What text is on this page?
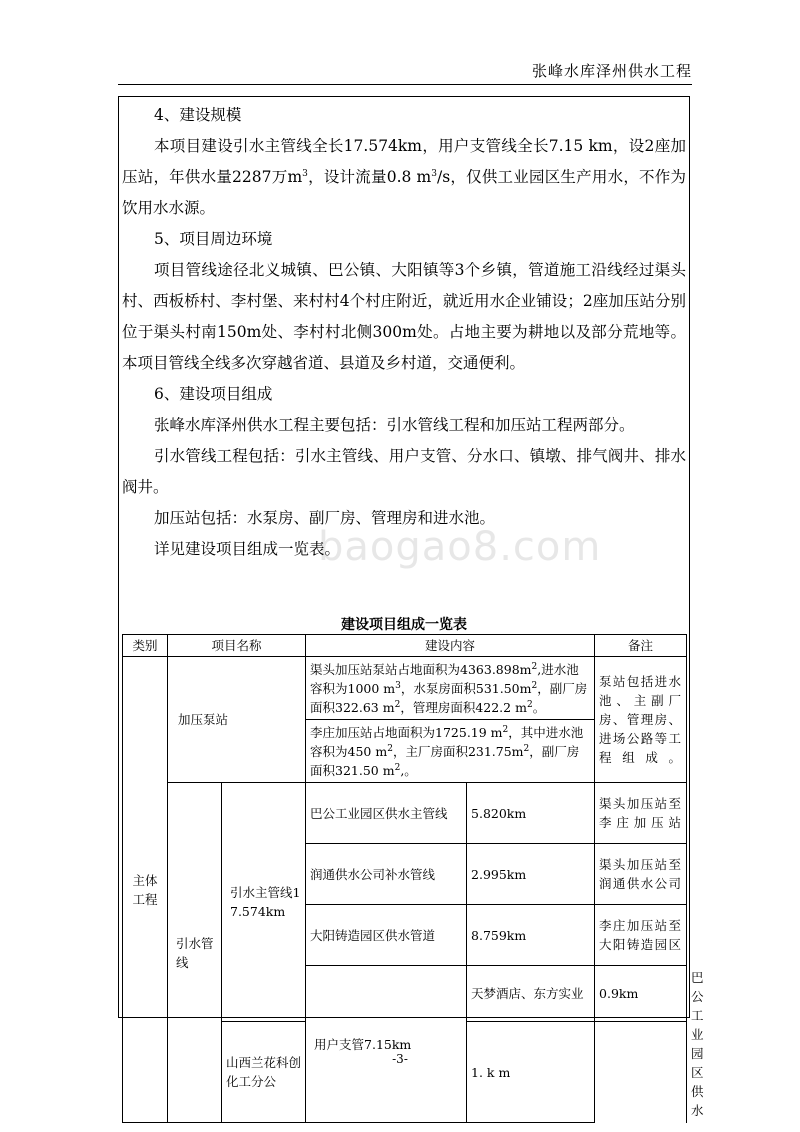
张峰水库泽州供水工程
baogao8.com

4、建设规模

本项目建设引水主管线全长17.574km，用户支管线全长7.15 km，设2座加压站，年供水量2287万$m^3$，设计流量0.8 $m^3/s$，仅供工业园区生产用水，不作为饮用水水源。

5、项目周边环境

项目管线途径北义城镇、巴公镇、大阳镇等3个乡镇，管道施工沿线经过渠头村、西板桥村、李村堡、来村村4个村庄附近，就近用水企业铺设；2座加压站分别位于渠头村南150m处、李村村北侧300m处。占地主要为耕地以及部分荒地等。本项目管线全线多次穿越省道、县道及乡村道，交通便利。

6、建设项目组成

张峰水库泽州供水工程主要包括：引水管线工程和加压站工程两部分。

引水管线工程包括：引水主管线、用户支管、分水口、镇墩、排气阀井、排水阀井。

加压站包括：水泵房、副厂房、管理房和进水池。

详见建设项目组成一览表。

建设项目组成一览表
类别	项目名称		建设内容		备注	
主体工程	加压泵站		渠头加压站泵站占地面积为$4363.898m^2$,进水池容积为1000 $m^3$，水泵房面积$531.50m^2$，副厂房面积322.63 $m^2$，管理房面积422.2 $m^2$。		泵站包括进水池、主副厂房、管理房、进场公路等工程组成。	
			李庄加压站占地面积为1725.19 $m^2$，其中进水池容积为450 $m^2$，主厂房面积$231.75m^2$，副厂房面积321.50 $m^2$,。			
	引水管线	引水主管线17.574km	巴公工业园区供水主管线	5.820km	渠头加压站至李庄加压站	
			润通供水公司补水管线	2.995km	渠头加压站至润通供水公司	
			大阳铸造园区供水管道	8.759km	李庄加压站至大阳铸造园区	
			用户支管7.15km	天梦酒店、东方实业	0.9km	巴公工业园区供水
		山西兰花科创化工分公		1. k m		
-3-
